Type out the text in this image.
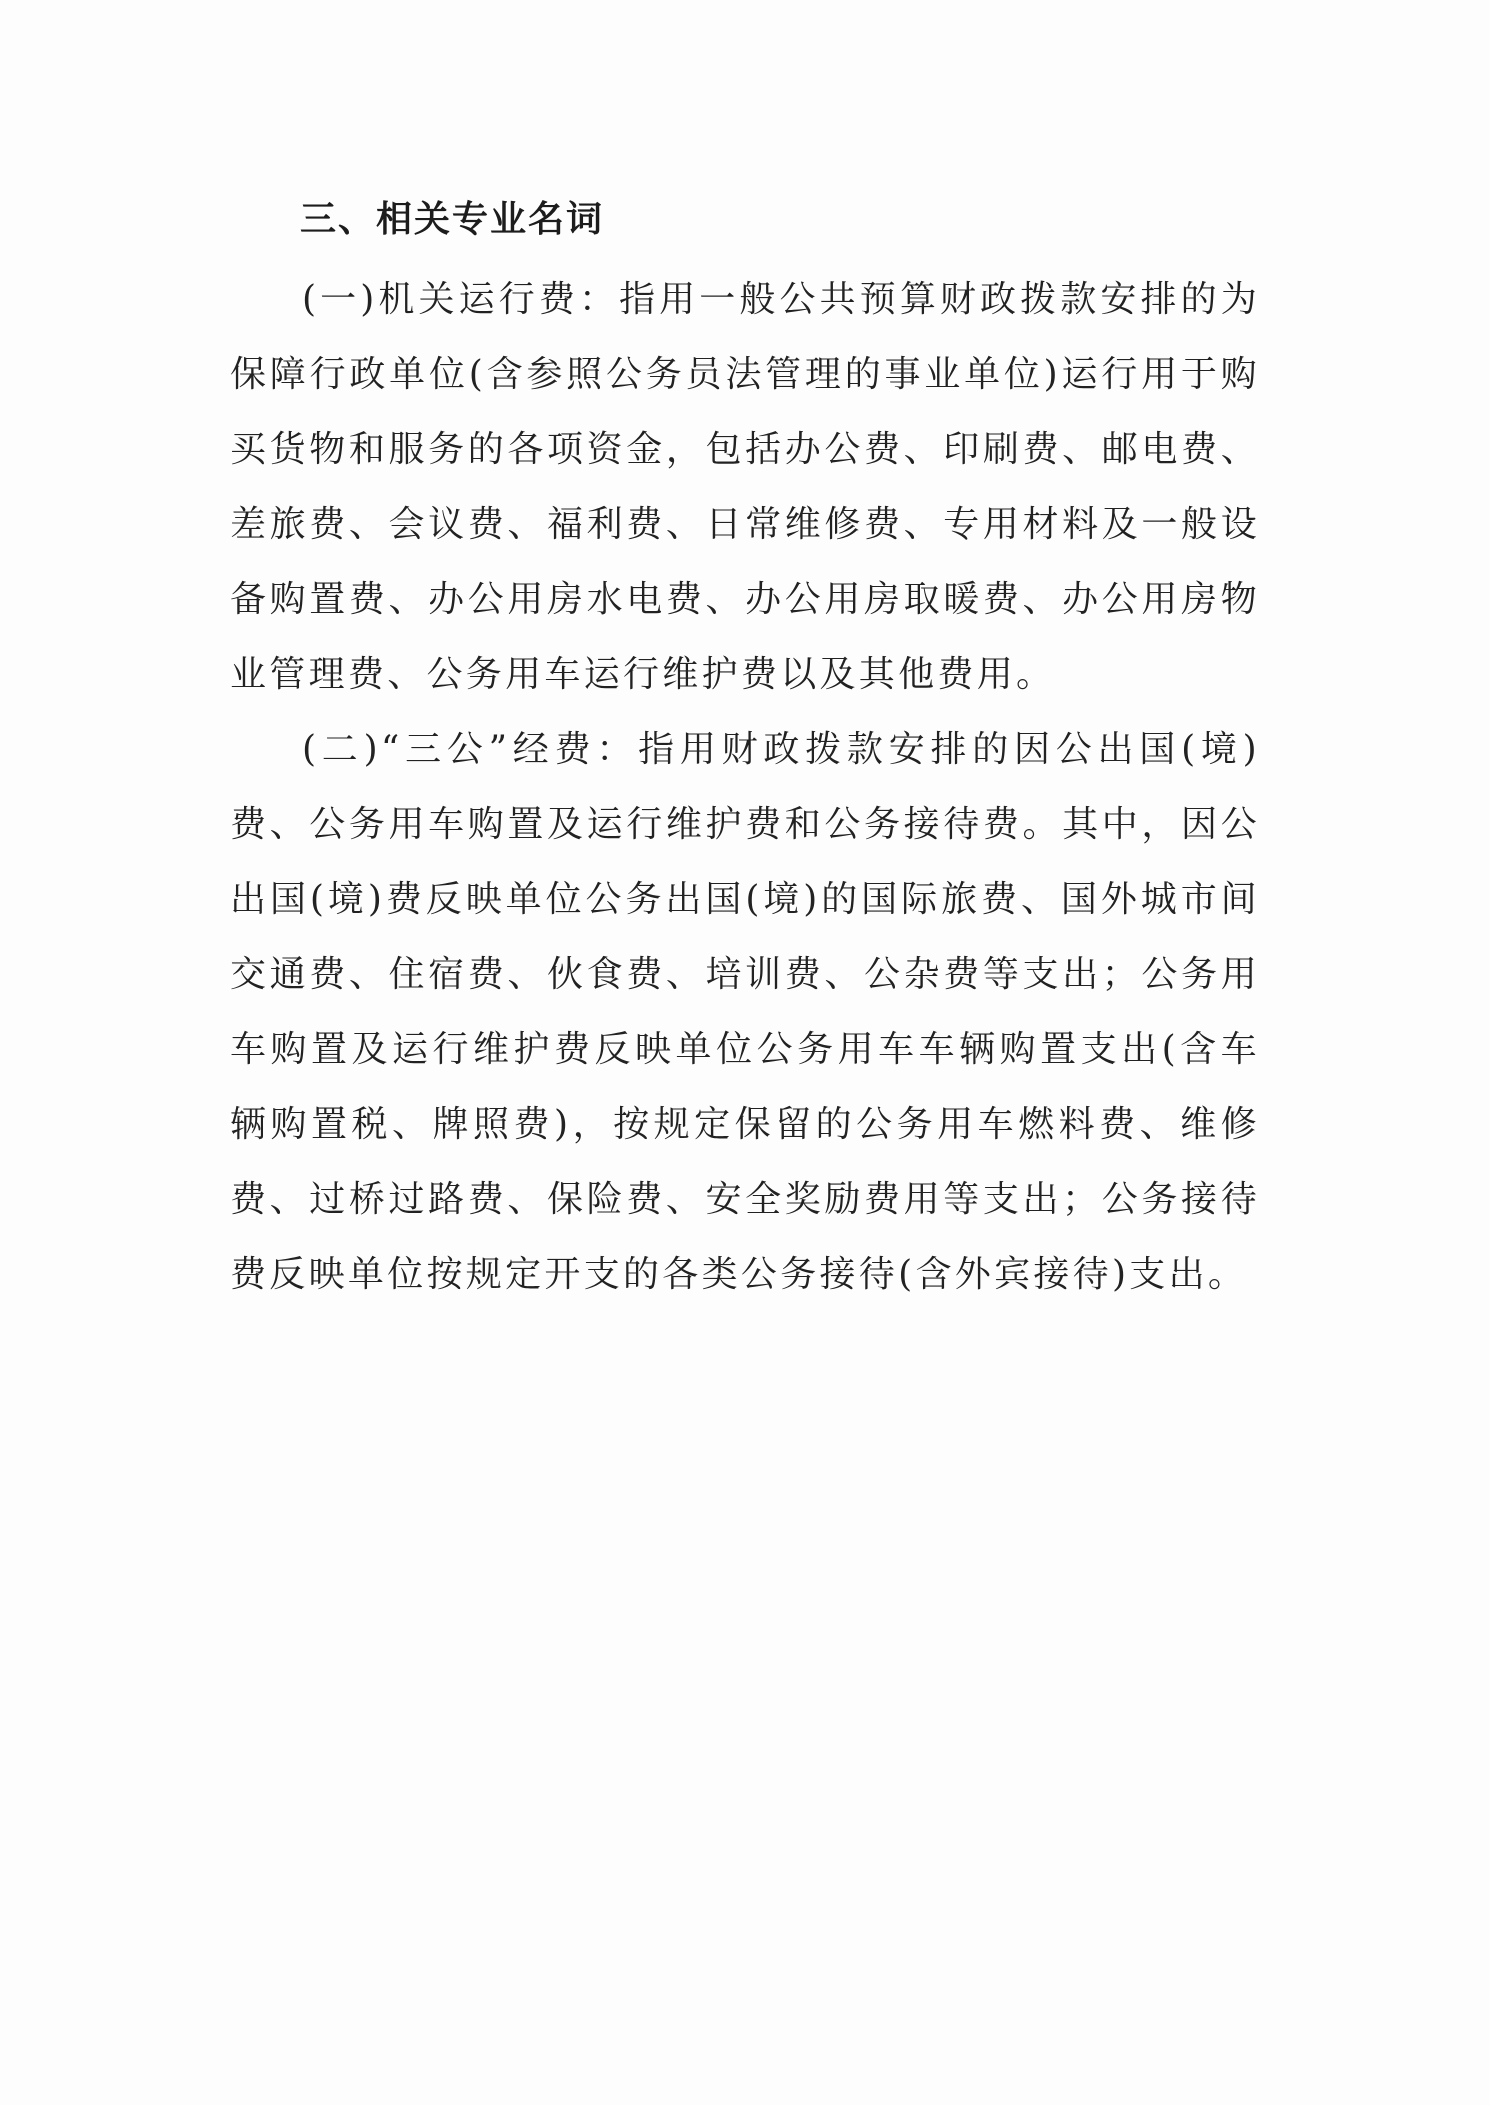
三、相关专业名词

(一)机关运行费：指用一般公共预算财政拨款安排的为保障行政单位(含参照公务员法管理的事业单位)运行用于购买货物和服务的各项资金，包括办公费、印刷费、邮电费、差旅费、会议费、福利费、日常维修费、专用材料及一般设备购置费、办公用房水电费、办公用房取暖费、办公用房物业管理费、公务用车运行维护费以及其他费用。

(二)“三公”经费：指用财政拨款安排的因公出国(境)费、公务用车购置及运行维护费和公务接待费。其中，因公出国(境)费反映单位公务出国(境)的国际旅费、国外城市间交通费、住宿费、伙食费、培训费、公杂费等支出；公务用车购置及运行维护费反映单位公务用车车辆购置支出(含车辆购置税、牌照费)，按规定保留的公务用车燃料费、维修费、过桥过路费、保险费、安全奖励费用等支出；公务接待费反映单位按规定开支的各类公务接待(含外宾接待)支出。
